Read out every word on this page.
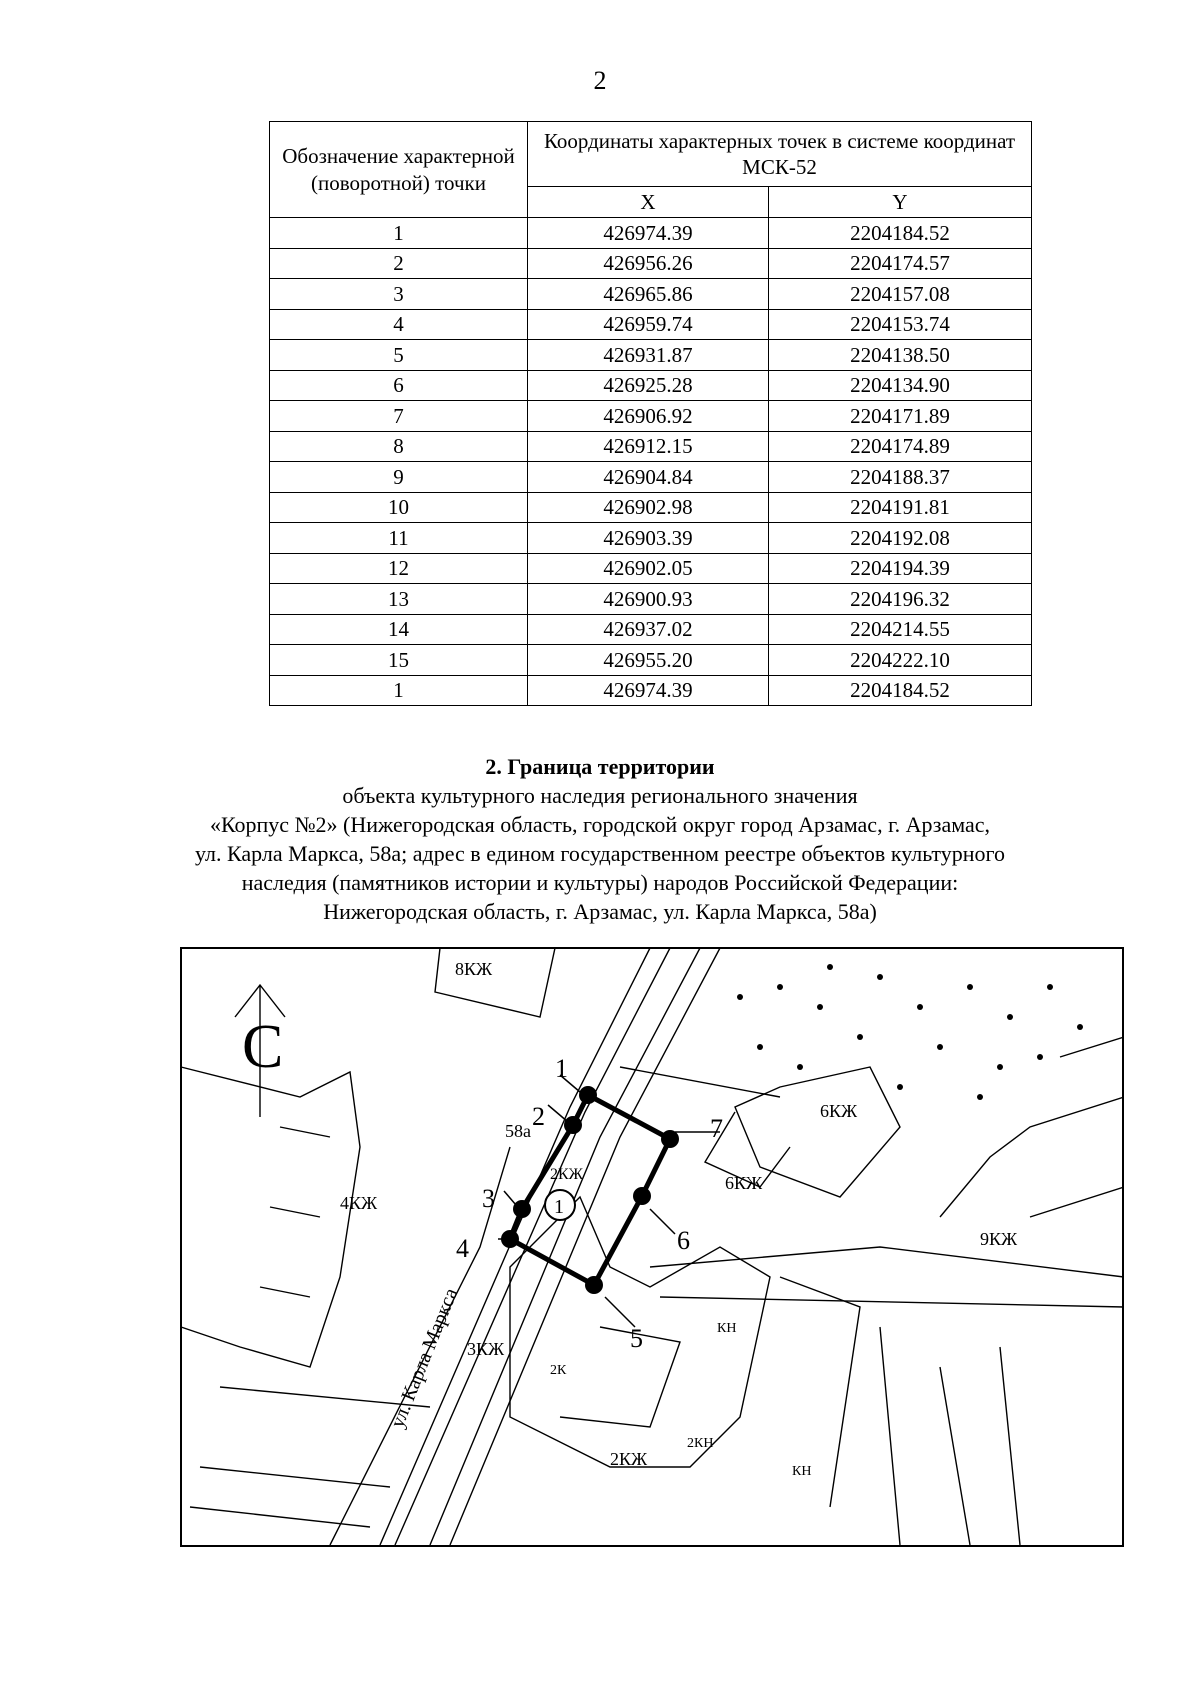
2
Обозначение характерной (поворотной) точки	Координаты характерных точек в системе координат МСК-52	
	X	Y
1	426974.39	2204184.52
2	426956.26	2204174.57
3	426965.86	2204157.08
4	426959.74	2204153.74
5	426931.87	2204138.50
6	426925.28	2204134.90
7	426906.92	2204171.89
8	426912.15	2204174.89
9	426904.84	2204188.37
10	426902.98	2204191.81
11	426903.39	2204192.08
12	426902.05	2204194.39
13	426900.93	2204196.32
14	426937.02	2204214.55
15	426955.20	2204222.10
1	426974.39	2204184.52
2. Граница территории
объекта культурного наследия регионального значения
«Корпус №2» (Нижегородская область, городской округ город Арзамас, г. Арзамас,
ул. Карла Маркса, 58а; адрес в едином государственном реестре объектов культурного
наследия (памятников истории и культуры) народов Российской Федерации:
Нижегородская область, г. Арзамас, ул. Карла Маркса, 58а)
С
8КЖ
4КЖ
6КЖ
6КЖ
9КЖ
3КЖ
2К
2КЖ
2КН
КН
КН
2КЖ
58а
ул. Карла Маркса
1
1
2
3
4
5
6
7
